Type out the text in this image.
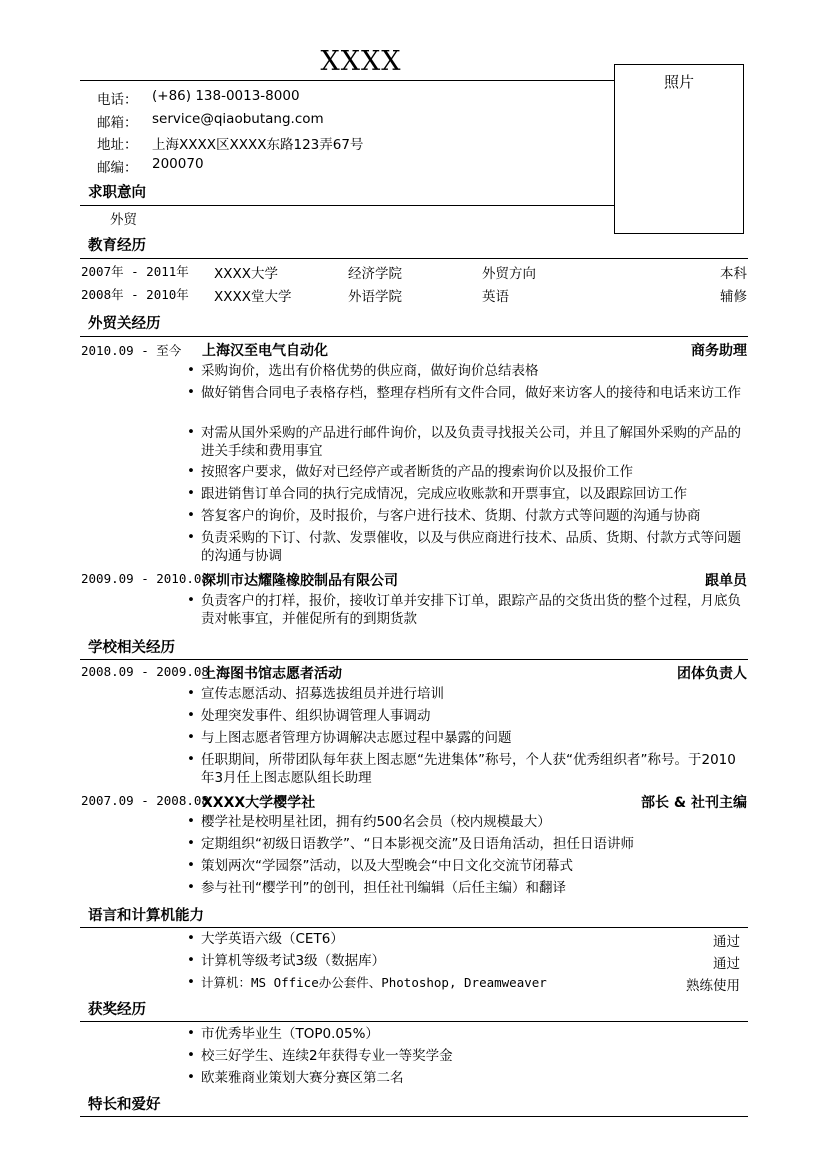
XXXX
照片
电话：	(+86) 138-0013-8000
邮箱：	service@qiaobutang.com
地址：	上海XXXX区XXXX东路123弄67号
邮编：	200070
求职意向
外贸
教育经历
2007年 - 2011年 XXXX大学	经济学院	外贸方向	本科
2008年 - 2010年 XXXX堂大学	外语学院	英语	辅修
外贸关经历
2010.09 - 至今 上海汉至电气自动化	商务助理
• 采购询价，选出有价格优势的供应商，做好询价总结表格
• 做好销售合同电子表格存档，整理存档所有文件合同，做好来访客人的接待和电话来访工作
• 对需从国外采购的产品进行邮件询价，以及负责寻找报关公司，并且了解国外采购的产品的进关手续和费用事宜
• 按照客户要求，做好对已经停产或者断货的产品的搜索询价以及报价工作
• 跟进销售订单合同的执行完成情况，完成应收账款和开票事宜，以及跟踪回访工作
• 答复客户的询价，及时报价，与客户进行技术、货期、付款方式等问题的沟通与协商
• 负责采购的下订、付款、发票催收，以及与供应商进行技术、品质、货期、付款方式等问题的沟通与协调
2009.09 - 2010.08
深圳市达耀隆橡胶制品有限公司	跟单员
• 负责客户的打样，报价，接收订单并安排下订单，跟踪产品的交货出货的整个过程，月底负责对帐事宜，并催促所有的到期货款
学校相关经历
2008.09 - 2009.08
上海图书馆志愿者活动	团体负责人
• 宣传志愿活动、招募选拔组员并进行培训
• 处理突发事件、组织协调管理人事调动
• 与上图志愿者管理方协调解决志愿过程中暴露的问题
• 任职期间，所带团队每年获上图志愿“先进集体”称号，个人获“优秀组织者”称号。于2010年3月任上图志愿队组长助理
2007.09 - 2008.08
XXXX大学樱学社	部长 & 社刊主编
• 樱学社是校明星社团，拥有约500名会员（校内规模最大）
• 定期组织“初级日语教学”、“日本影视交流”及日语角活动，担任日语讲师
• 策划两次“学园祭”活动，以及大型晚会“中日文化交流节闭幕式
• 参与社刊“樱学刊”的创刊，担任社刊编辑（后任主编）和翻译
语言和计算机能力
• 大学英语六级（CET6）	通过
• 计算机等级考试3级（数据库）	通过
• 计算机：MS Office办公套件、Photoshop, Dreamweaver	熟练使用
获奖经历
• 市优秀毕业生（TOP0.05%）
• 校三好学生、连续2年获得专业一等奖学金
• 欧莱雅商业策划大赛分赛区第二名
特长和爱好
